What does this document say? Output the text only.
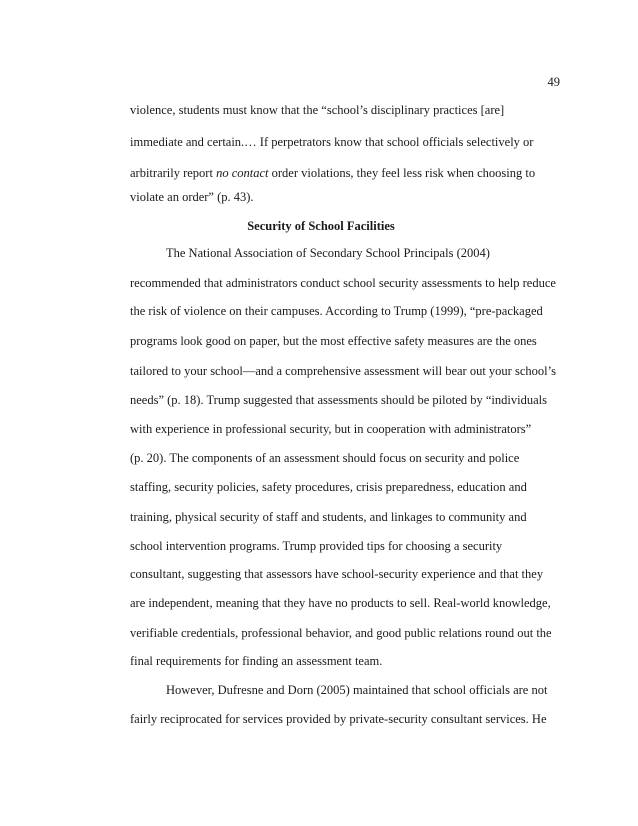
49
violence, students must know that the “school’s disciplinary practices [are]
immediate and certain.… If perpetrators know that school officials selectively or
arbitrarily report no contact order violations, they feel less risk when choosing to
violate an order” (p. 43).
Security of School Facilities
The National Association of Secondary School Principals (2004)
recommended that administrators conduct school security assessments to help reduce
the risk of violence on their campuses. According to Trump (1999), “pre-packaged
programs look good on paper, but the most effective safety measures are the ones
tailored to your school—and a comprehensive assessment will bear out your school’s
needs” (p. 18). Trump suggested that assessments should be piloted by “individuals
with experience in professional security, but in cooperation with administrators”
(p. 20). The components of an assessment should focus on security and police
staffing, security policies, safety procedures, crisis preparedness, education and
training, physical security of staff and students, and linkages to community and
school intervention programs. Trump provided tips for choosing a security
consultant, suggesting that assessors have school-security experience and that they
are independent, meaning that they have no products to sell. Real-world knowledge,
verifiable credentials, professional behavior, and good public relations round out the
final requirements for finding an assessment team.
However, Dufresne and Dorn (2005) maintained that school officials are not
fairly reciprocated for services provided by private-security consultant services. He
